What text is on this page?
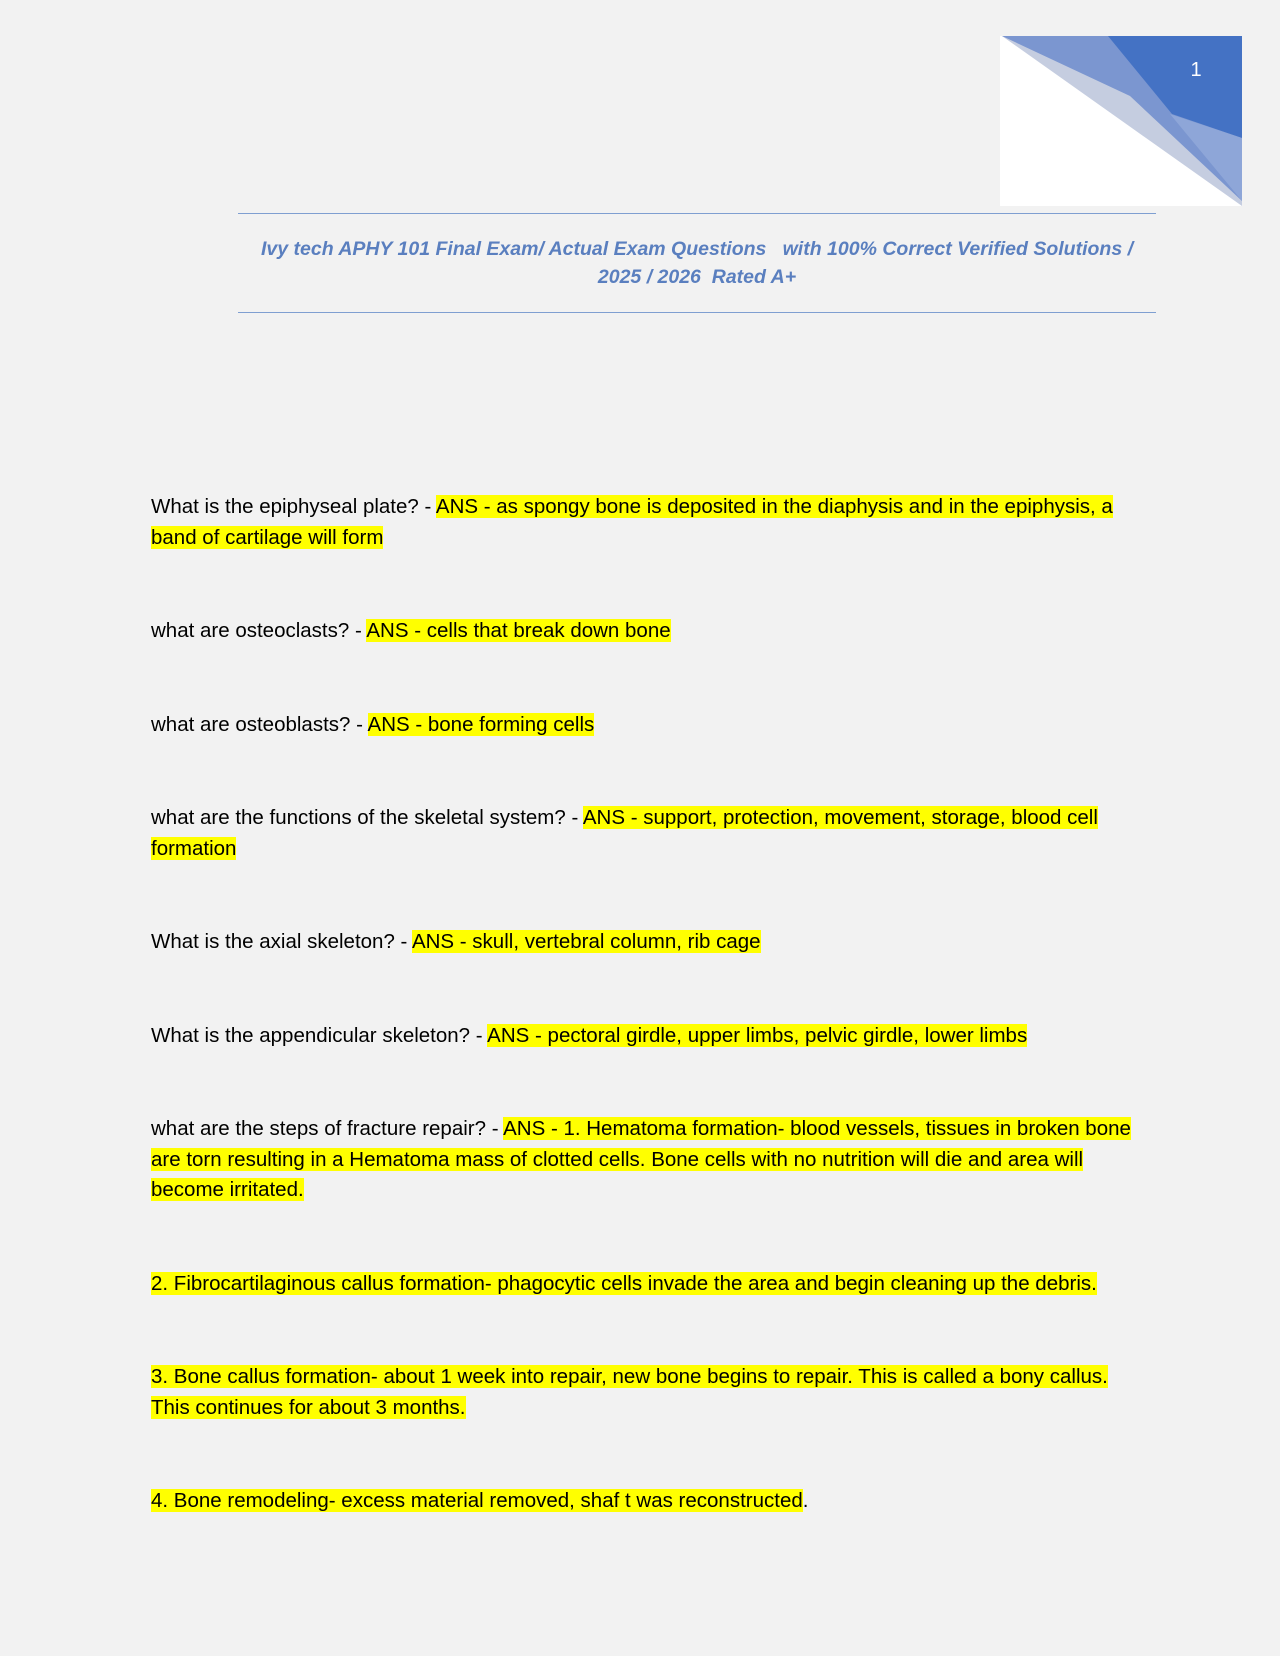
1
Ivy tech APHY 101 Final Exam/ Actual Exam Questions   with 100% Correct Verified Solutions / 2025 / 2026  Rated A+

What is the epiphyseal plate? - ANS - as spongy bone is deposited in the diaphysis and in the epiphysis, a band of cartilage will form

what are osteoclasts? - ANS - cells that break down bone

what are osteoblasts? - ANS - bone forming cells

what are the functions of the skeletal system? - ANS - support, protection, movement, storage, blood cell formation

What is the axial skeleton? - ANS - skull, vertebral column, rib cage

What is the appendicular skeleton? - ANS - pectoral girdle, upper limbs, pelvic girdle, lower limbs

what are the steps of fracture repair? - ANS - 1. Hematoma formation- blood vessels, tissues in broken bone are torn resulting in a Hematoma mass of clotted cells. Bone cells with no nutrition will die and area will become irritated.

2. Fibrocartilaginous callus formation- phagocytic cells invade the area and begin cleaning up the debris.

3. Bone callus formation- about 1 week into repair, new bone begins to repair. This is called a bony callus. This continues for about 3 months.

4. Bone remodeling- excess material removed, shaf t was reconstructed.
